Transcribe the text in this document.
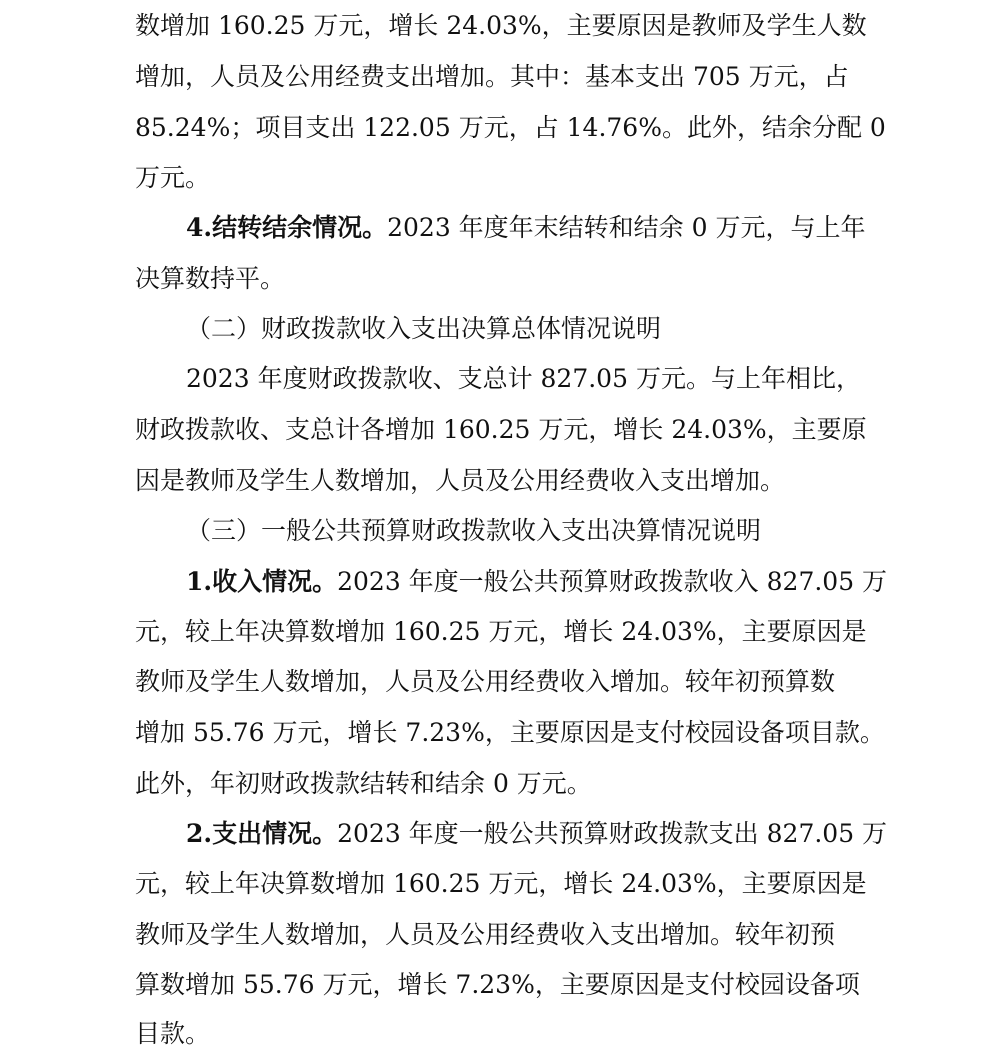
数增加 160.25 万元，增长 24.03%，主要原因是教师及学生人数
增加，人员及公用经费支出增加。其中：基本支出 705 万元，占
85.24%；项目支出 122.05 万元，占 14.76%。此外，结余分配 0
万元。
4.结转结余情况。2023 年度年末结转和结余 0 万元，与上年
决算数持平。
（二）财政拨款收入支出决算总体情况说明
2023 年度财政拨款收、支总计 827.05 万元。与上年相比，
财政拨款收、支总计各增加 160.25 万元，增长 24.03%，主要原
因是教师及学生人数增加，人员及公用经费收入支出增加。
（三）一般公共预算财政拨款收入支出决算情况说明
1.收入情况。2023 年度一般公共预算财政拨款收入 827.05 万
元，较上年决算数增加 160.25 万元，增长 24.03%，主要原因是
教师及学生人数增加，人员及公用经费收入增加。较年初预算数
增加 55.76 万元，增长 7.23%，主要原因是支付校园设备项目款。
此外，年初财政拨款结转和结余 0 万元。
2.支出情况。2023 年度一般公共预算财政拨款支出 827.05 万
元，较上年决算数增加 160.25 万元，增长 24.03%，主要原因是
教师及学生人数增加，人员及公用经费收入支出增加。较年初预
算数增加 55.76 万元，增长 7.23%，主要原因是支付校园设备项
目款。
